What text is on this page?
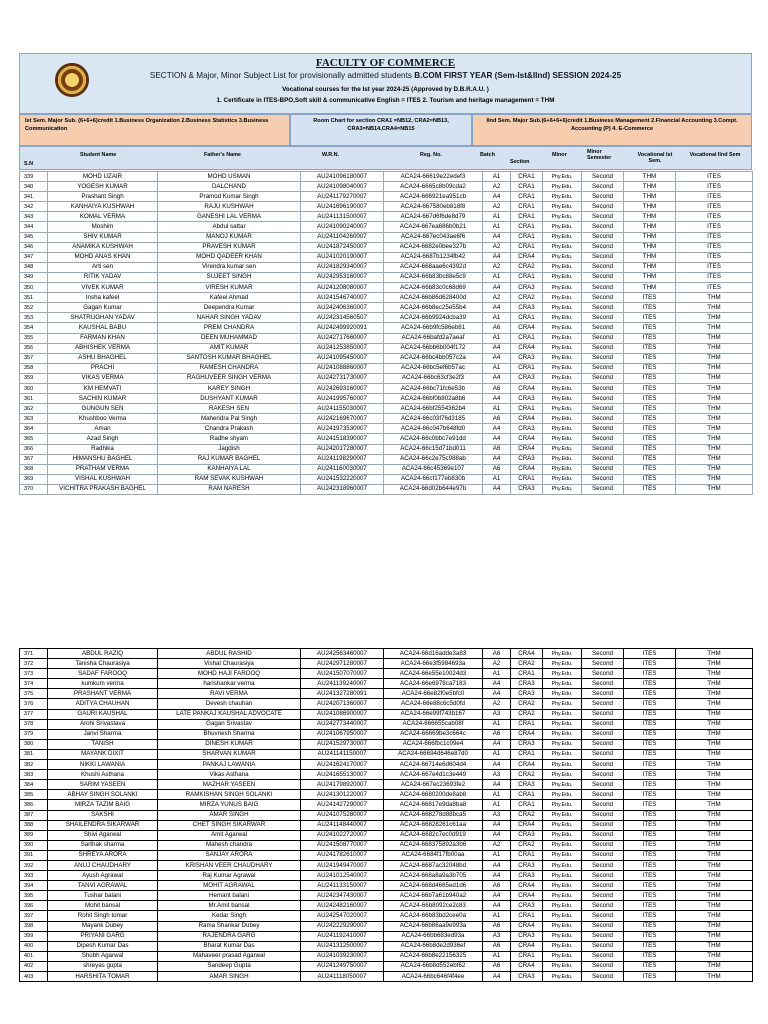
FACULTY OF COMMERCE
SECTION & Major, Minor Subject List for provisionally admitted students B.COM FIRST YEAR (Sem-Ist&IInd) SESSION 2024-25
Vocational courses for the Ist year 2024-25 (Approved by D.B.R.A.U. )
1. Certificate in ITES-BPO,Soft skill & communicative English = ITES 2. Tourism and heritage management = THM
Ist Sem. Major Sub. (6+6+6)credit 1.Business Organization 2.Business Statistics 3.Business Communication
Room Chart for section CRA1 =NB12, CRA2=NB13, CRA3=NB14,CRA4=NB15
IInd Sem. Major Sub.(6+6+6+6)credit 1.Business Management 2.Financial Accounting 3.Compt. Accounting (P) 4. E-Commerce
S.N
Student Name	Father's Name	W.R.N.	Reg. No.	Batch
Section
Minor	Minor Semester	Vocational Ist Sem.
Vocational IInd Sem
339	MOHD UZAIR	MOHD USMAN	AU241096180007	ACA24-66619e22edef3	A1	CRA1	Phy.Edu.	Second	THM	ITES
340	YOGESH KUMAR	DALCHAND	AU241098040007	ACA24-6665c8b09cda2	A2	CRA1	Phy.Edu.	Second	THM	ITES
341	Prashant Singh	Pramod Kumar Singh	AU241179270007	ACA24-666921ea951cb	A4	CRA1	Phy.Edu.	Second	THM	ITES
342	KANHAIYA KUSHWAH	RAJU KUSHWAH	AU241696190007	ACA24-667580eb818f8	A2	CRA1	Phy.Edu.	Second	THM	ITES
343	KOMAL VERMA	GANESHI LAL VERMA	AU241131500007	ACA24-667d6f6de8d79	A1	CRA1	Phy.Edu.	Second	THM	ITES
344	Moshim	Abdul sattar	AU241090240007	ACA24-667ea686b0b21	A1	CRA1	Phy.Edu.	Second	THM	ITES
345	SHIV KUMAR	MANOJ KUMAR	AU241104260007	ACA24-667ec043ae6f6	A4	CRA1	Phy.Edu.	Second	THM	ITES
346	ANAMIKA KUSHWAH	PRAVESH KUMAR	AU241872450007	ACA24-6682e0bee327b	A2	CRA1	Phy.Edu.	Second	THM	ITES
347	MOHD ANAS KHAN	MOHD QADEER KHAN	AU241020190007	ACA24-6687b1234fb42	A4	CRA4	Phy.Edu.	Second	THM	ITES
348	Arti sen	Virendra kumar sen	AU241829340007	ACA24-668aae6c4392d	A2	CRA2	Phy.Edu.	Second	THM	ITES
349	RITIK YADAV	SUJEET SINGH	AU242953160007	ACA24-66b83bc88e5c9	A1	CRA1	Phy.Edu.	Second	THM	ITES
350	VIVEK KUMAR	VIRESH KUMAR	AU241208080007	ACA24-66b83c0c68d69	A4	CRA3	Phy.Edu.	Second	THM	ITES
351	Insha kafeel	Kafeel Ahmad	AU241546740007	ACA24-66b86d628400d	A2	CRA2	Phy.Edu.	Second	ITES	THM
352	Gagan Kumar	Deependra Kumar	AU242406360007	ACA24-66b8ec25e55b4	A4	CRA3	Phy.Edu.	Second	ITES	THM
353	SHATRUGHAN YADAV	NAHAR SINGH YADAV	AU242314560507	ACA24-66b9924dcba39	A1	CRA1	Phy.Edu.	Second	ITES	THM
354	KAUSHAL BABU	PREM CHANDRA	AU242499920091	ACA24-66b9fc586eb81	A6	CRA4	Phy.Edu.	Second	ITES	THM
355	FARMAN KHAN	DEEN MUHAMMAD	AU242717660007	ACA24-66bafd2a7aeaf	A1	CRA1	Phy.Edu.	Second	ITES	THM
356	ABHISHEK VERMA	AMIT KUMAR	AU241253850007	ACA24-66bb6b004f172	A4	CRA4	Phy.Edu.	Second	ITES	THM
357	ASHU BHAGHEL	SANTOSH KUMAR BHAGHEL	AU241095450007	ACA24-66bc4bb057c2a	A4	CRA3	Phy.Edu.	Second	ITES	THM
358	PRACHI	RAMESH CHANDRA	AU241088860007	ACA24-66bc5ef6b57ac	A1	CRA1	Phy.Edu.	Second	ITES	THM
359	VIKAS VERMA	RAGHUVEER SINGH VERMA	AU242731730007	ACA24-66bc63cf3e2f3	A4	CRA3	Phy.Edu.	Second	ITES	THM
360	KM HEMVATI	KAREY SINGH	AU242693160007	ACA24-66bc71fc6e53b	A6	CRA4	Phy.Edu.	Second	ITES	THM
361	SACHIN KUMAR	DUSHYANT KUMAR	AU241995760007	ACA24-66bf0b802a8b6	A4	CRA3	Phy.Edu.	Second	ITES	THM
362	GUNGUN SEN	RAKESH SEN	AU241155030007	ACA24-66bf2554362b4	A1	CRA1	Phy.Edu.	Second	ITES	THM
363	Khushboo Verma	Mahendra Pal Singh	AU242169670007	ACA24-66c03f76d3185	A6	CRA4	Phy.Edu.	Second	ITES	THM
364	Aman	Chandra Prakash	AU241973530007	ACA24-66c047b648fd0	A4	CRA3	Phy.Edu.	Second	ITES	THM
365	Azad Singh	Radhe shyam	AU241518390007	ACA24-66c0bbc7e91dd	A4	CRA4	Phy.Edu.	Second	ITES	THM
366	Radhika	Jagdish	AU242017280007	ACA24-66c15d71bd011	A6	CRA4	Phy.Edu.	Second	ITES	THM
367	HIMANSHU BAGHEL	RAJ KUMAR BAGHEL	AU241198290007	ACA24-66c2e75c988ab	A4	CRA3	Phy.Edu.	Second	ITES	THM
368	PRATHAM VERMA	KANHAIYA LAL	AU241160030007	ACA24-66c45369e107	A6	CRA4	Phy.Edu.	Second	ITES	THM
369	VISHAL KUSHWAH	RAM SEVAK KUSHWAH	AU241532220007	ACA24-66cf177eb830b	A1	CRA1	Phy.Edu.	Second	ITES	THM
370	VICHITRA PRAKASH BAGHEL	RAM NARESH	AU242318960007	ACA24-66d02b644e97b	A4	CRA3	Phy.Edu.	Second	ITES	THM
371	ABDUL RAZIQ	ABDUL RASHID	AU242563460007	ACA24-66d16adde3a83	A6	CRA4	Phy.Edu.	Second	ITES	THM
372	Tanisha Chaurasiya	Vishal Chaurasiya	AU242971280007	ACA24-66e3f5984693a	A2	CRA2	Phy.Edu.	Second	ITES	THM
373	SADAF FAROOQ	MOHD HAJI FAROOQ	AU241507070007	ACA24-66e55e10024d3	A1	CRA1	Phy.Edu.	Second	ITES	THM
374	kumkum verma	harishankar verma	AU241139240007	ACA24-66e6978ca7183	A4	CRA3	Phy.Edu.	Second	ITES	THM
375	PRASHANT VERMA	RAVI VERMA	AU241327280091	ACA24-66e82f0e5bfc0	A4	CRA3	Phy.Edu.	Second	ITES	THM
376	ADITYA CHAUHAN	Devesh chauhan	AU242071360007	ACA24-66e88c6c5d0fd	A2	CRA2	Phy.Edu.	Second	ITES	THM
377	GAURI KAUSHAL	LATE PANKAJ KAUSHAL ADVOCATE	AU241086900007	ACA24-66e99f743b167	A3	CRA2	Phy.Edu.	Second	ITES	THM
378	Arohi Srivastava	Gagan Srivastav	AU242773440007	ACA24-666655cab08f	A1	CRA1	Phy.Edu.	Second	ITES	THM
379	Janvi Sharma	Bhuvnesh Sharma	AU241067950007	ACA24-66669be3c664c	A6	CRA4	Phy.Edu.	Second	ITES	THM
380	TANISH	DINESH KUMAR	AU241529730007	ACA24-666fbc1c09e4	A4	CRA3	Phy.Edu.	Second	ITES	THM
381	MAYANK DIXIT	SHARVAN KUMAR	AU241141150007	ACA24-66694d646e87d0	A1	CRA1	Phy.Edu.	Second	ITES	THM
382	NIKKI LAWANIA	PANKAJ LAWANIA	AU241624170007	ACA24-66714e6d604d4	A4	CRA4	Phy.Edu.	Second	ITES	THM
383	Khushi Asthana	Vikas Asthana	AU241655130007	ACA24-667e4d1c3e449	A3	CRA2	Phy.Edu.	Second	ITES	THM
384	SARIM YASEEN	MAZHAR YASEEN	AU241798920007	ACA24-667ec23693fe2	A4	CRA3	Phy.Edu.	Second	ITES	THM
385	ABHAY SINGH SOLANKI	RAMKISHAN SINGH SOLANKI	AU241301220007	ACA24-6680200de8ab8	A1	CRA1	Phy.Edu.	Second	ITES	THM
386	MIRZA TAZIM BAIG	MIRZA YUNUS BAIG	AU241427290007	ACA24-66817e9da8ba8	A1	CRA1	Phy.Edu.	Second	ITES	THM
387	SAKSHI	AMAR SINGH	AU241075280007	ACA24-668278d88bca5	A3	CRA2	Phy.Edu.	Second	ITES	THM
388	SHAILENDRA SIKARWAR	CHET SINGH SIKARWAR	AU241148440007	ACA24-66828261c61aa	A4	CRA4	Phy.Edu.	Second	ITES	THM
389	Shivi Agarwal	Amit Agarwal	AU241022720007	ACA24-6682c7ec0d919	A4	CRA3	Phy.Edu.	Second	ITES	THM
390	Sarthak sharma	Mahesh chandra	AU241508770007	ACA24-668375892a3b6	A2	CRA2	Phy.Edu.	Second	ITES	THM
391	SHREYA ARORA	SANJAY ARORA	AU241782610007	ACA24-6684f17fb00aa	A1	CRA1	Phy.Edu.	Second	ITES	THM
392	ANUJ CHAUDHARY	KRISHAN VEER CHAUDHARY	AU241949470007	ACA24-6687ac32048bd	A4	CRA3	Phy.Edu.	Second	ITES	THM
393	Ayush Agrawal	Raj Kumar Agrawal	AU241012540007	ACA24-668a8a9a3b705	A4	CRA3	Phy.Edu.	Second	ITES	THM
394	TANVI AGRAWAL	MOHIT AGRAWAL	AU241133150007	ACA24-668d4665ed1d6	A6	CRA4	Phy.Edu.	Second	ITES	THM
395	Tushar balani	Hemant balani	AU242347430007	ACA24-66b7a61b940a2	A4	CRA4	Phy.Edu.	Second	ITES	THM
396	Mohit bansal	Mr.Amit bansal	AU242482160007	ACA24-66b8092ce2c83	A4	CRA3	Phy.Edu.	Second	ITES	THM
397	Rohit Singh tomar	Kedar Singh	AU242547020007	ACA24-66b83bd2cee0a	A1	CRA1	Phy.Edu.	Second	ITES	THM
398	Mayank Dubey	Rama Shankar Dubey	AU242229290007	ACA24-66b86aa9e993a	A6	CRA4	Phy.Edu.	Second	ITES	THM
399	PRIYANI GARG	RAJENDRA GARG	AU241192410007	ACA24-66bb683ed93a	A3	CRA3	Phy.Edu.	Second	ITES	THM
400	Dipesh Kumar Das	Bharat Kumar Das	AU241312500007	ACA24-66b8de2d936ef	A6	CRA4	Phy.Edu.	Second	ITES	THM
401	Shubh Agarwal	Mahaveer prasad Agarwal	AU241039230007	ACA24-66b8e22156325	A1	CRA1	Phy.Edu.	Second	ITES	THM
402	shreyas gupta	Sandeep Gupta	AU241249750007	ACA24-66b8d552ebf62	A6	CRA4	Phy.Edu.	Second	ITES	THM
403	HARSHITA TOMAR	AMAR SINGH	AU241118050007	ACA24-66bc646f4f4ee	A4	CRA3	Phy.Edu.	Second	ITES	THM
